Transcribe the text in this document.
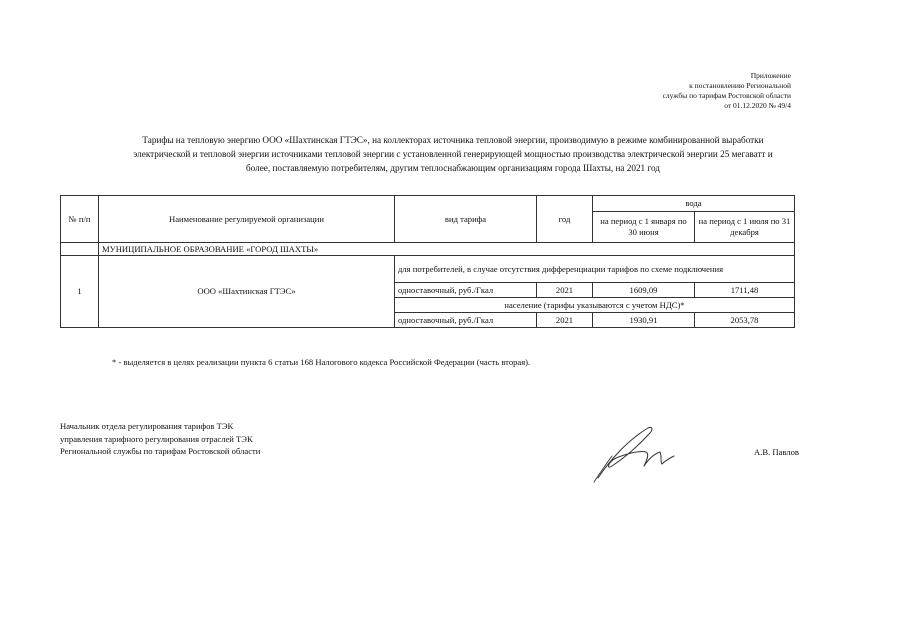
Приложение
к постановлению Региональной
службы по тарифам Ростовской области
от 01.12.2020 № 49/4
Тарифы на тепловую энергию ООО «Шахтинская ГТЭС», на коллекторах источника тепловой энергии, производимую в режиме комбинированной выработки
электрической и тепловой энергии источниками тепловой энергии с установленной генерирующей мощностью производства электрической энергии 25 мегаватт и
более, поставляемую потребителям, другим теплоснабжающим организациям города Шахты, на 2021 год
№ п/п	Наименование регулируемой организации	вид тарифа	год	вода	
				на период с 1 января по 30 июня	на период с 1 июля по 31 декабря
	МУНИЦИПАЛЬНОЕ ОБРАЗОВАНИЕ «ГОРОД ШАХТЫ»				
1	ООО «Шахтинская ГТЭС»	для потребителей, в случае отсутствия дифференциации тарифов по схеме подключения			
		одноставочный, руб./Гкал	2021	1609,09	1711,48
		население (тарифы указываются с учетом НДС)*			
		одноставочный, руб./Гкал	2021	1930,91	2053,78
* - выделяется в целях реализации пункта 6 статьи 168 Налогового кодекса Российской Федерации (часть вторая).
Начальник отдела регулирования тарифов ТЭК
управления тарифного регулирования отраслей ТЭК
Региональной службы по тарифам Ростовской области	А.В. Павлов
